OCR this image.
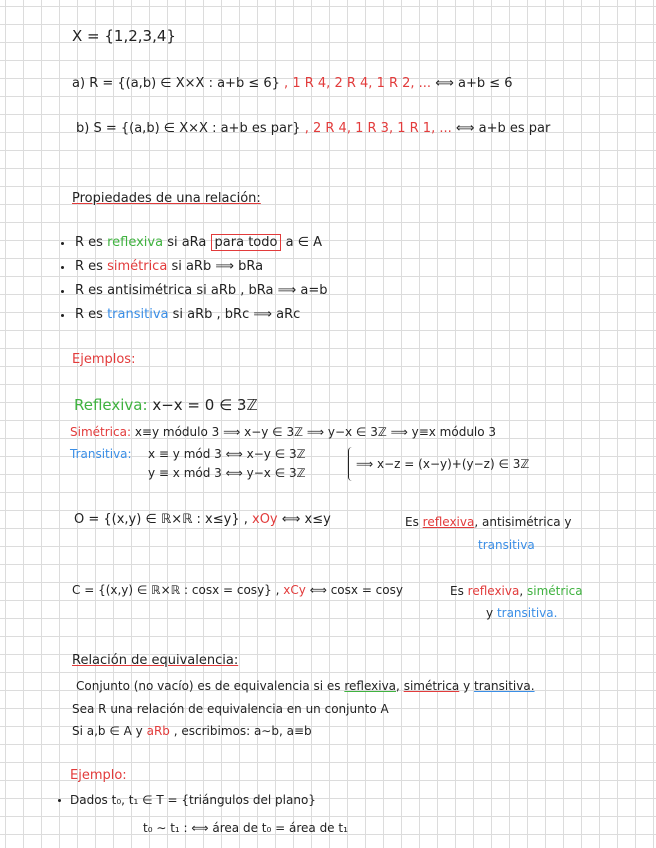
X = {1,2,3,4}
a) R = {(a,b) ∈ X×X : a+b ≤ 6} , 1 R 4, 2 R 4, 1 R 2, ... ⟺ a+b ≤ 6
b) S = {(a,b) ∈ X×X : a+b es par} , 2 R 4, 1 R 3, 1 R 1, ... ⟺ a+b es par
Propiedades de una relación:
R es reflexiva si aRa para todo a ∈ A
R es simétrica si aRb ⟹ bRa
R es antisimétrica si aRb , bRa ⟹ a=b
R es transitiva si aRb , bRc ⟹ aRc
Ejemplos:
Reflexiva: x−x = 0 ∈ 3ℤ
Simétrica: x≡y módulo 3 ⟹ x−y ∈ 3ℤ ⟹ y−x ∈ 3ℤ ⟹ y≡x módulo 3
Transitiva: x ≡ y mód 3 ⟺ x−y ∈ 3ℤ
y ≡ x mód 3 ⟺ y−x ∈ 3ℤ
⟹ x−z = (x−y)+(y−z) ∈ 3ℤ
O = {(x,y) ∈ ℝ×ℝ : x≤y} , xOy ⟺ x≤y	Es reflexiva, antisimétrica y
transitiva
C = {(x,y) ∈ ℝ×ℝ : cosx = cosy} , xCy ⟺ cosx = cosy	Es reflexiva, simétrica
y transitiva.
Relación de equivalencia:
Conjunto (no vacío) es de equivalencia si es reflexiva, simétrica y transitiva.
Sea R una relación de equivalencia en un conjunto A
Si a,b ∈ A y aRb , escribimos: a∼b, a≡b
Ejemplo:
Dados t₀, t₁ ∈ T = {triángulos del plano}
t₀ ∼ t₁ : ⟺ área de t₀ = área de t₁
